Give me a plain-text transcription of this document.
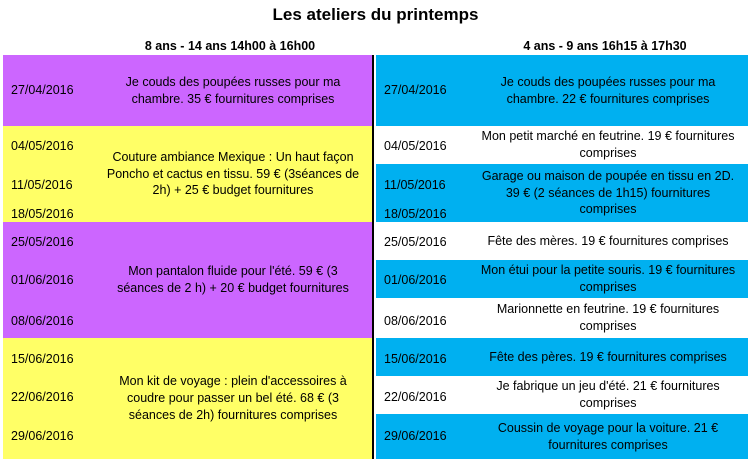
Les ateliers du printemps
8 ans - 14 ans 14h00 à 16h00	4 ans - 9 ans 16h15 à 17h30
Je couds des poupées russes pour ma chambre. 35 € fournitures comprises
Couture ambiance Mexique : Un haut façon Poncho et cactus en tissu. 59 € (3séances de 2h) + 25 € budget fournitures
Mon pantalon fluide pour l'été. 59 € (3 séances de 2 h) + 20 € budget fournitures
Mon kit de voyage : plein d'accessoires à coudre pour passer un bel été. 68 € (3 séances de 2h) fournitures comprises
27/04/2016
04/05/2016
11/05/2016
18/05/2016
25/05/2016
01/06/2016
08/06/2016
15/06/2016
22/06/2016
29/06/2016
27/04/2016
04/05/2016
11/05/2016
18/05/2016
25/05/2016
01/06/2016
08/06/2016
15/06/2016
22/06/2016
29/06/2016
Je couds des poupées russes pour ma chambre. 22 € fournitures comprises
Mon petit marché en feutrine. 19 € fournitures comprises
Garage ou maison de poupée en tissu en 2D. 39 € (2 séances de 1h15) fournitures comprises
Fête des mères. 19 € fournitures comprises
Mon étui pour la petite souris. 19 € fournitures comprises
Marionnette en feutrine. 19 € fournitures comprises
Fête des pères. 19 € fournitures comprises
Je fabrique un jeu d'été. 21 € fournitures comprises
Coussin de voyage pour la voiture. 21 € fournitures comprises
